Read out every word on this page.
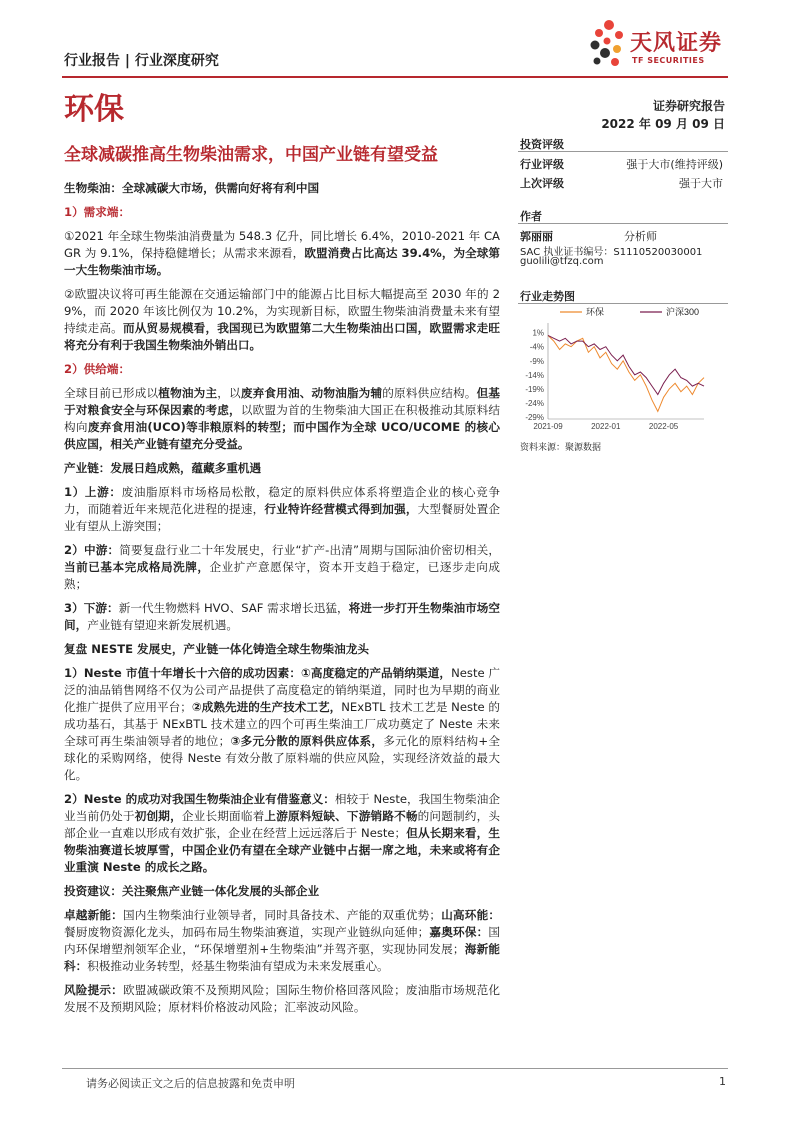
行业报告 | 行业深度研究
天风证券
TF SECURITIES
环保	证券研究报告
2022 年 09 月 09 日
全球减碳推高生物柴油需求，中国产业链有望受益
投资评级
行业评级	强于大市(维持评级)
上次评级	强于大市
作者
郭丽丽	分析师
SAC 执业证书编号：S1110520030001
guolili@tfzq.com
行业走势图
环保	沪深300
1%
-4%
-9%
-14%
-19%
-24%
-29%
2021-09	2022-01	2022-05
资料来源：聚源数据

生物柴油：全球减碳大市场，供需向好将有利中国

1）需求端：

①2021 年全球生物柴油消费量为 548.3 亿升，同比增长 6.4%，2010-2021 年 CAGR 为 9.1%，保持稳健增长；从需求来源看，欧盟消费占比高达 39.4%，为全球第一大生物柴油市场。

②欧盟决议将可再生能源在交通运输部门中的能源占比目标大幅提高至 2030 年的 29%，而 2020 年该比例仅为 10.2%，为实现新目标，欧盟生物柴油消费量未来有望持续走高。而从贸易规模看，我国现已为欧盟第二大生物柴油出口国，欧盟需求走旺将充分有利于我国生物柴油外销出口。

2）供给端：

全球目前已形成以植物油为主，以废弃食用油、动物油脂为辅的原料供应结构。但基于对粮食安全与环保因素的考虑，以欧盟为首的生物柴油大国正在积极推动其原料结构向废弃食用油(UCO)等非粮原料的转型；而中国作为全球 UCO/UCOME 的核心供应国，相关产业链有望充分受益。

产业链：发展日趋成熟，蕴藏多重机遇

1）上游：废油脂原料市场格局松散，稳定的原料供应体系将塑造企业的核心竞争力，而随着近年来规范化进程的提速，行业特许经营模式得到加强，大型餐厨处置企业有望从上游突围；

2）中游：简要复盘行业二十年发展史，行业“扩产-出清”周期与国际油价密切相关，当前已基本完成格局洗牌，企业扩产意愿保守，资本开支趋于稳定，已逐步走向成熟；

3）下游：新一代生物燃料 HVO、SAF 需求增长迅猛，将进一步打开生物柴油市场空间，产业链有望迎来新发展机遇。

复盘 NESTE 发展史，产业链一体化铸造全球生物柴油龙头

1）Neste 市值十年增长十六倍的成功因素：①高度稳定的产品销纳渠道，Neste 广泛的油品销售网络不仅为公司产品提供了高度稳定的销纳渠道，同时也为早期的商业化推广提供了应用平台；②成熟先进的生产技术工艺，NExBTL 技术工艺是 Neste 的成功基石，其基于 NExBTL 技术建立的四个可再生柴油工厂成功奠定了 Neste 未来全球可再生柴油领导者的地位；③多元分散的原料供应体系，多元化的原料结构+全球化的采购网络，使得 Neste 有效分散了原料端的供应风险，实现经济效益的最大化。

2）Neste 的成功对我国生物柴油企业有借鉴意义：相较于 Neste，我国生物柴油企业当前仍处于初创期，企业长期面临着上游原料短缺、下游销路不畅的问题制约，头部企业一直难以形成有效扩张，企业在经营上远远落后于 Neste；但从长期来看，生物柴油赛道长坡厚雪，中国企业仍有望在全球产业链中占据一席之地，未来或将有企业重演 Neste 的成长之路。

投资建议：关注聚焦产业链一体化发展的头部企业

卓越新能：国内生物柴油行业领导者，同时具备技术、产能的双重优势；山高环能：餐厨废物资源化龙头，加码布局生物柴油赛道，实现产业链纵向延伸；嘉奥环保：国内环保增塑剂领军企业，“环保增塑剂+生物柴油”并驾齐驱，实现协同发展；海新能科：积极推动业务转型，烃基生物柴油有望成为未来发展重心。

风险提示：欧盟减碳政策不及预期风险；国际生物价格回落风险；废油脂市场规范化发展不及预期风险；原材料价格波动风险；汇率波动风险。

请务必阅读正文之后的信息披露和免责申明	1
